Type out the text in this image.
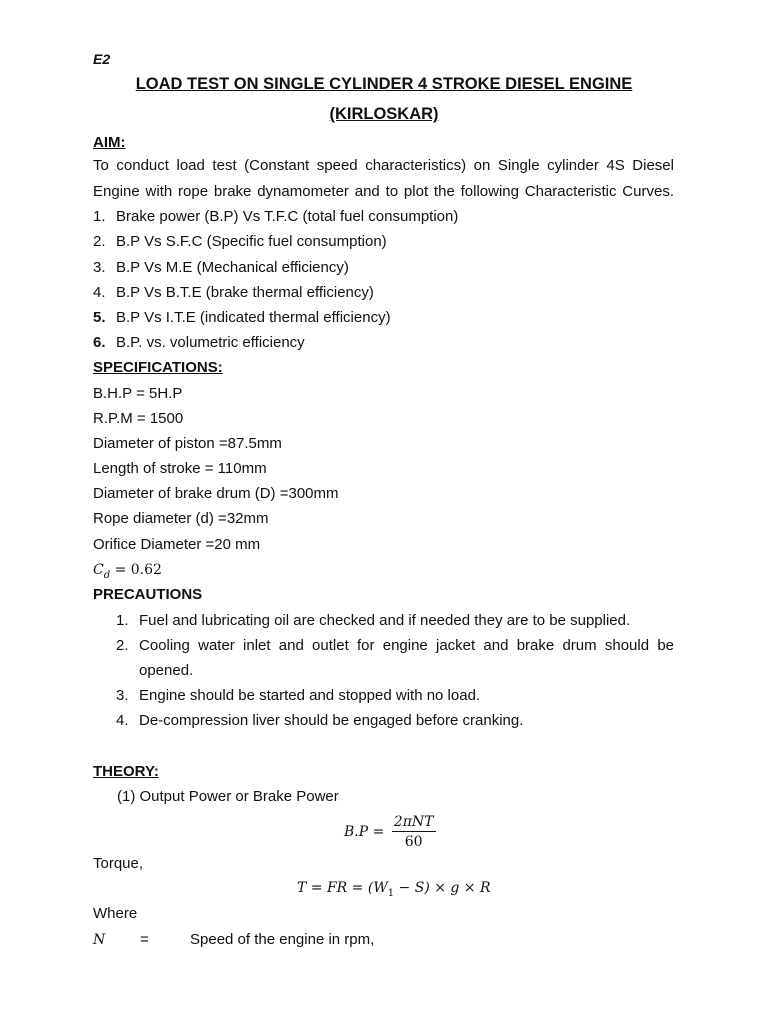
E2
LOAD TEST ON SINGLE CYLINDER 4 STROKE DIESEL ENGINE
(KIRLOSKAR)
AIM:
To conduct load test (Constant speed characteristics) on Single cylinder 4S Diesel
Engine with rope brake dynamometer and to plot the following Characteristic Curves.
1. Brake power (B.P) Vs T.F.C (total fuel consumption)
2. B.P Vs S.F.C (Specific fuel consumption)
3. B.P Vs M.E (Mechanical efficiency)
4. B.P Vs B.T.E (brake thermal efficiency)
5. B.P Vs I.T.E (indicated thermal efficiency)
6. B.P. vs. volumetric efficiency
SPECIFICATIONS:
B.H.P = 5H.P
R.P.M = 1500
Diameter of piston =87.5mm
Length of stroke = 110mm
Diameter of brake drum (D) =300mm
Rope diameter (d) =32mm
Orifice Diameter =20 mm
$C_d = 0.62$
PRECAUTIONS
1. Fuel and lubricating oil are checked and if needed they are to be supplied.
2. Cooling water inlet and outlet for engine jacket and brake drum should be
opened.
3. Engine should be started and stopped with no load.
4. De-compression liver should be engaged before cranking.
THEORY:
(1) Output Power or Brake Power
$B.P = \frac{\text{2πNT}}{60}$
Torque,
T = FR = $(W_1 - S) \times g \times R$
Where
N =	Speed of the engine in rpm,
